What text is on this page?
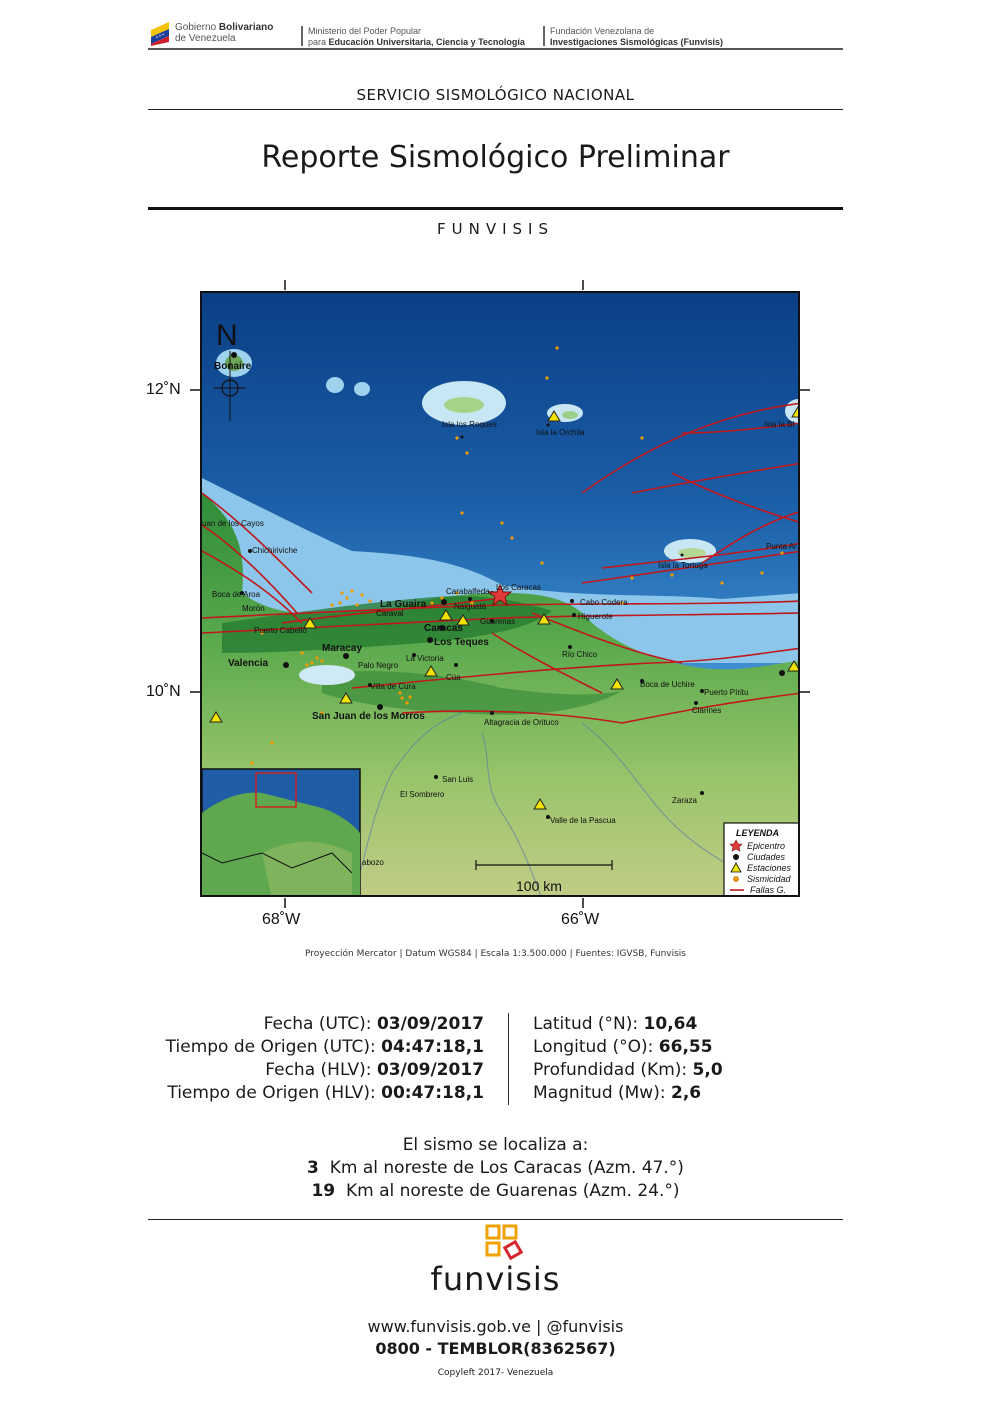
Gobierno Bolivariano
de Venezuela
Ministerio del Poder Popular
para Educación Universitaria, Ciencia y Tecnología
Fundación Venezolana de
Investigaciones Sismológicas (Funvisis)
SERVICIO SISMOLÓGICO NACIONAL
Reporte Sismológico Preliminar
FUNVISIS
12˚N
10˚N
68˚W	66˚W
N
Bonaire
Isla los Roques
Isla la Orchila
Isla la Bl
uan de los Cayos
Chichiriviche	Punta Ar
Isla la Tortuga
Boca de Aroa
Morón
Carabalfeda Los Caracas
La Guaira
Caraval
Naiguatá	Cabo Codera
Caracas
Guarenas
Higuerote
Puerto Cabello
Los Teques
Maracay
Río Chico
Valencia	Palo Negro
La Victoria
Cúa
Boca de Uchire
Villa de Cura
Puerto Píritu
Clarines
San Juan de los Morros
Altagracia de Orituco
San Luis
El Sombrero
Zaraza
Valle de la Pascua
abozo
100 km
LEYENDA
Epicentro
Ciudades
Estaciones
Sismicidad
Fallas G.
Proyección Mercator | Datum WGS84 | Escala 1:3.500.000 | Fuentes: IGVSB, Funvisis
Fecha (UTC): 03/09/2017
Tiempo de Origen (UTC): 04:47:18,1
Fecha (HLV): 03/09/2017
Tiempo de Origen (HLV): 00:47:18,1
Latitud (°N): 10,64
Longitud (°O): 66,55
Profundidad (Km): 5,0
Magnitud (Mw): 2,6
El sismo se localiza a:
3 Km al noreste de Los Caracas (Azm. 47.°)
19 Km al noreste de Guarenas (Azm. 24.°)
funvisis
www.funvisis.gob.ve | @funvisis
0800 - TEMBLOR(8362567)
Copyleft 2017- Venezuela
